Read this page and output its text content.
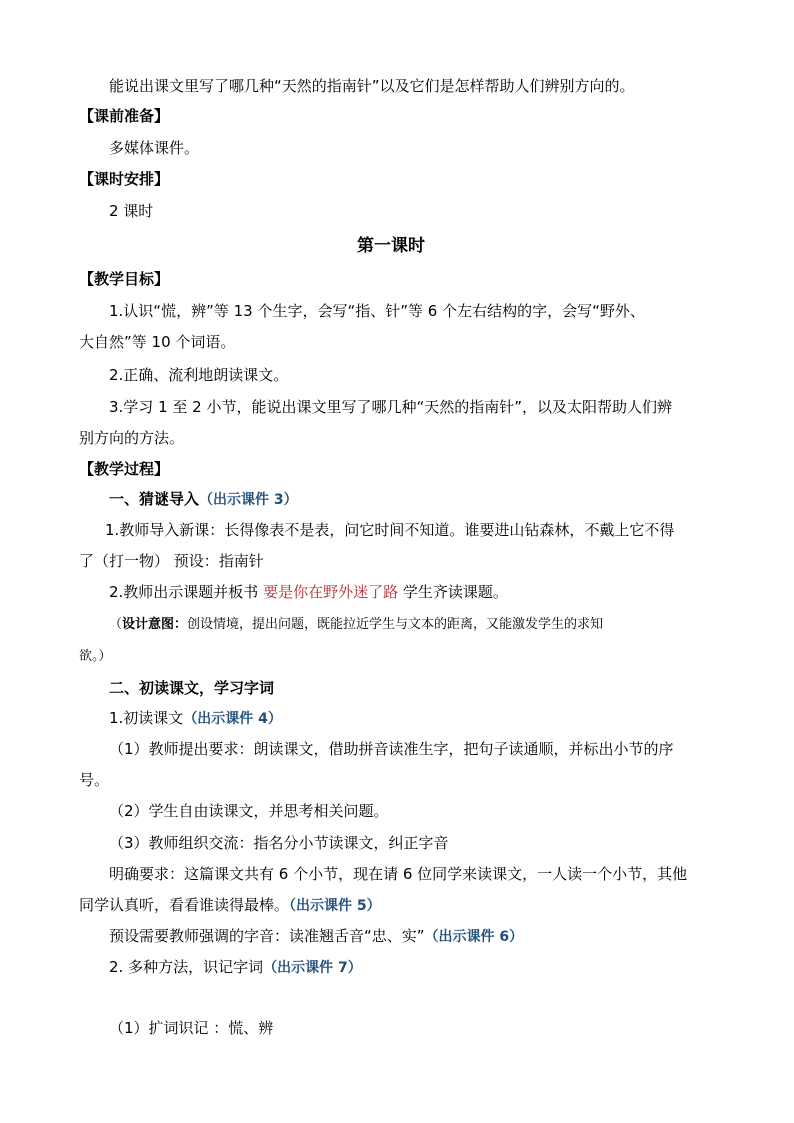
能说出课文里写了哪几种“天然的指南针”以及它们是怎样帮助人们辨别方向的。
【课前准备】
多媒体课件。
【课时安排】
2 课时
第一课时
【教学目标】
1.认识“慌，辨”等 13 个生字，会写“指、针”等 6 个左右结构的字，会写“野外、
大自然”等 10 个词语。
2.正确、流利地朗读课文。
3.学习 1 至 2 小节，能说出课文里写了哪几种“天然的指南针”，以及太阳帮助人们辨
别方向的方法。
【教学过程】
一、猜谜导入（出示课件 3）
1.教师导入新课：长得像表不是表，问它时间不知道。谁要进山钻森林，不戴上它不得
了（打一物） 预设：指南针
2.教师出示课题并板书 要是你在野外迷了路 学生齐读课题。
（设计意图：创设情境，提出问题，既能拉近学生与文本的距离，又能激发学生的求知
欲。）
二、初读课文，学习字词
1.初读课文（出示课件 4）
（1）教师提出要求：朗读课文，借助拼音读准生字，把句子读通顺，并标出小节的序
号。
（2）学生自由读课文，并思考相关问题。
（3）教师组织交流：指名分小节读课文，纠正字音
明确要求：这篇课文共有 6 个小节，现在请 6 位同学来读课文，一人读一个小节，其他
同学认真听，看看谁读得最棒。（出示课件 5）
预设需要教师强调的字音：读准翘舌音“忠、实”（出示课件 6）
2. 多种方法，识记字词（出示课件 7）
（1）扩词识记 ：慌、辨
